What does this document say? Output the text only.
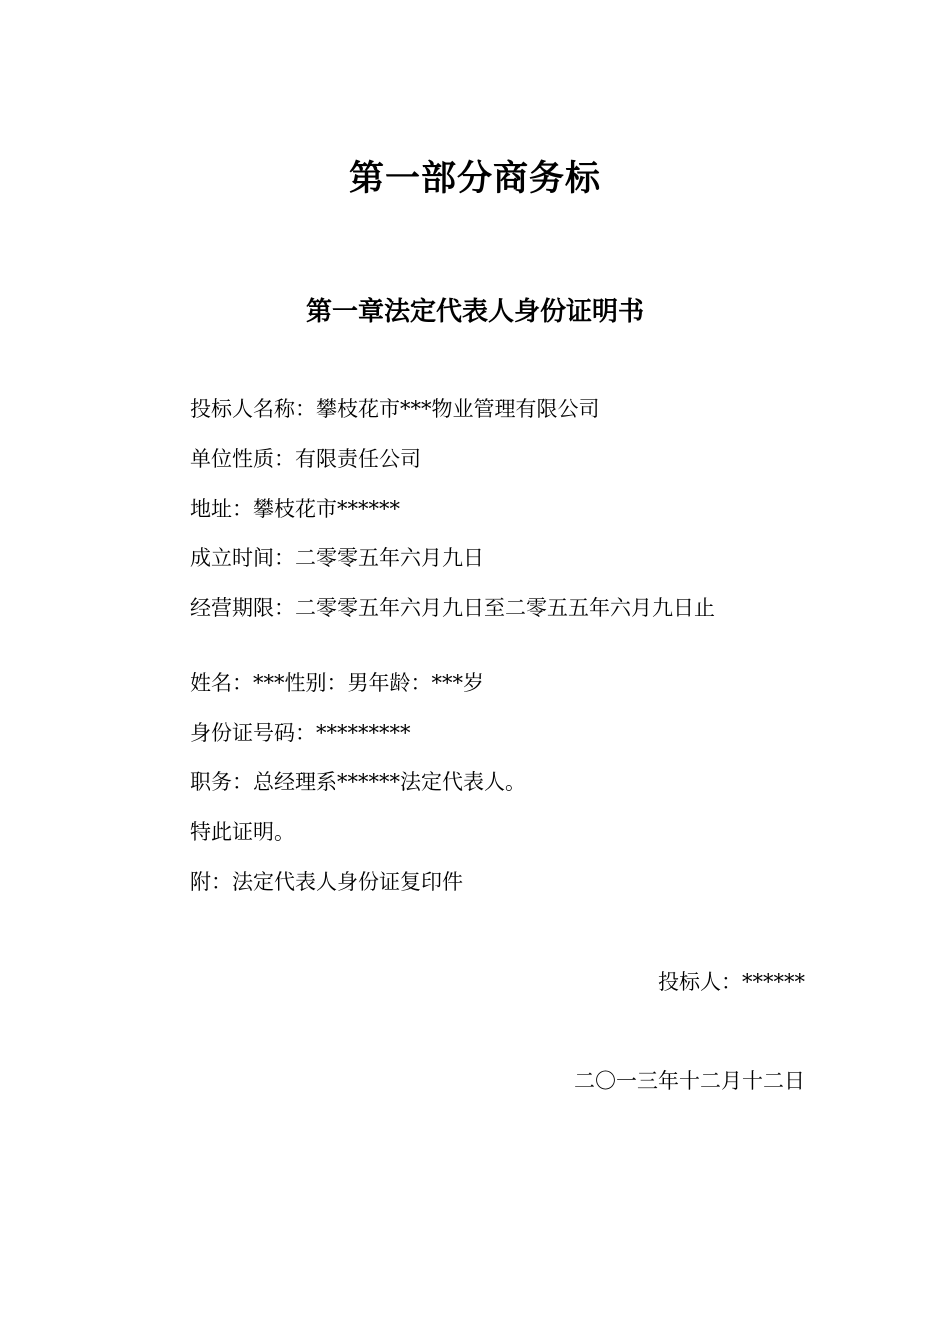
第一部分商务标
第一章法定代表人身份证明书
投标人名称：攀枝花市***物业管理有限公司
单位性质：有限责任公司
地址：攀枝花市******
成立时间：二零零五年六月九日
经营期限：二零零五年六月九日至二零五五年六月九日止
姓名：***性别：男年龄：***岁
身份证号码：*********
职务：总经理系******法定代表人。
特此证明。
附：法定代表人身份证复印件
投标人：******
二〇一三年十二月十二日
